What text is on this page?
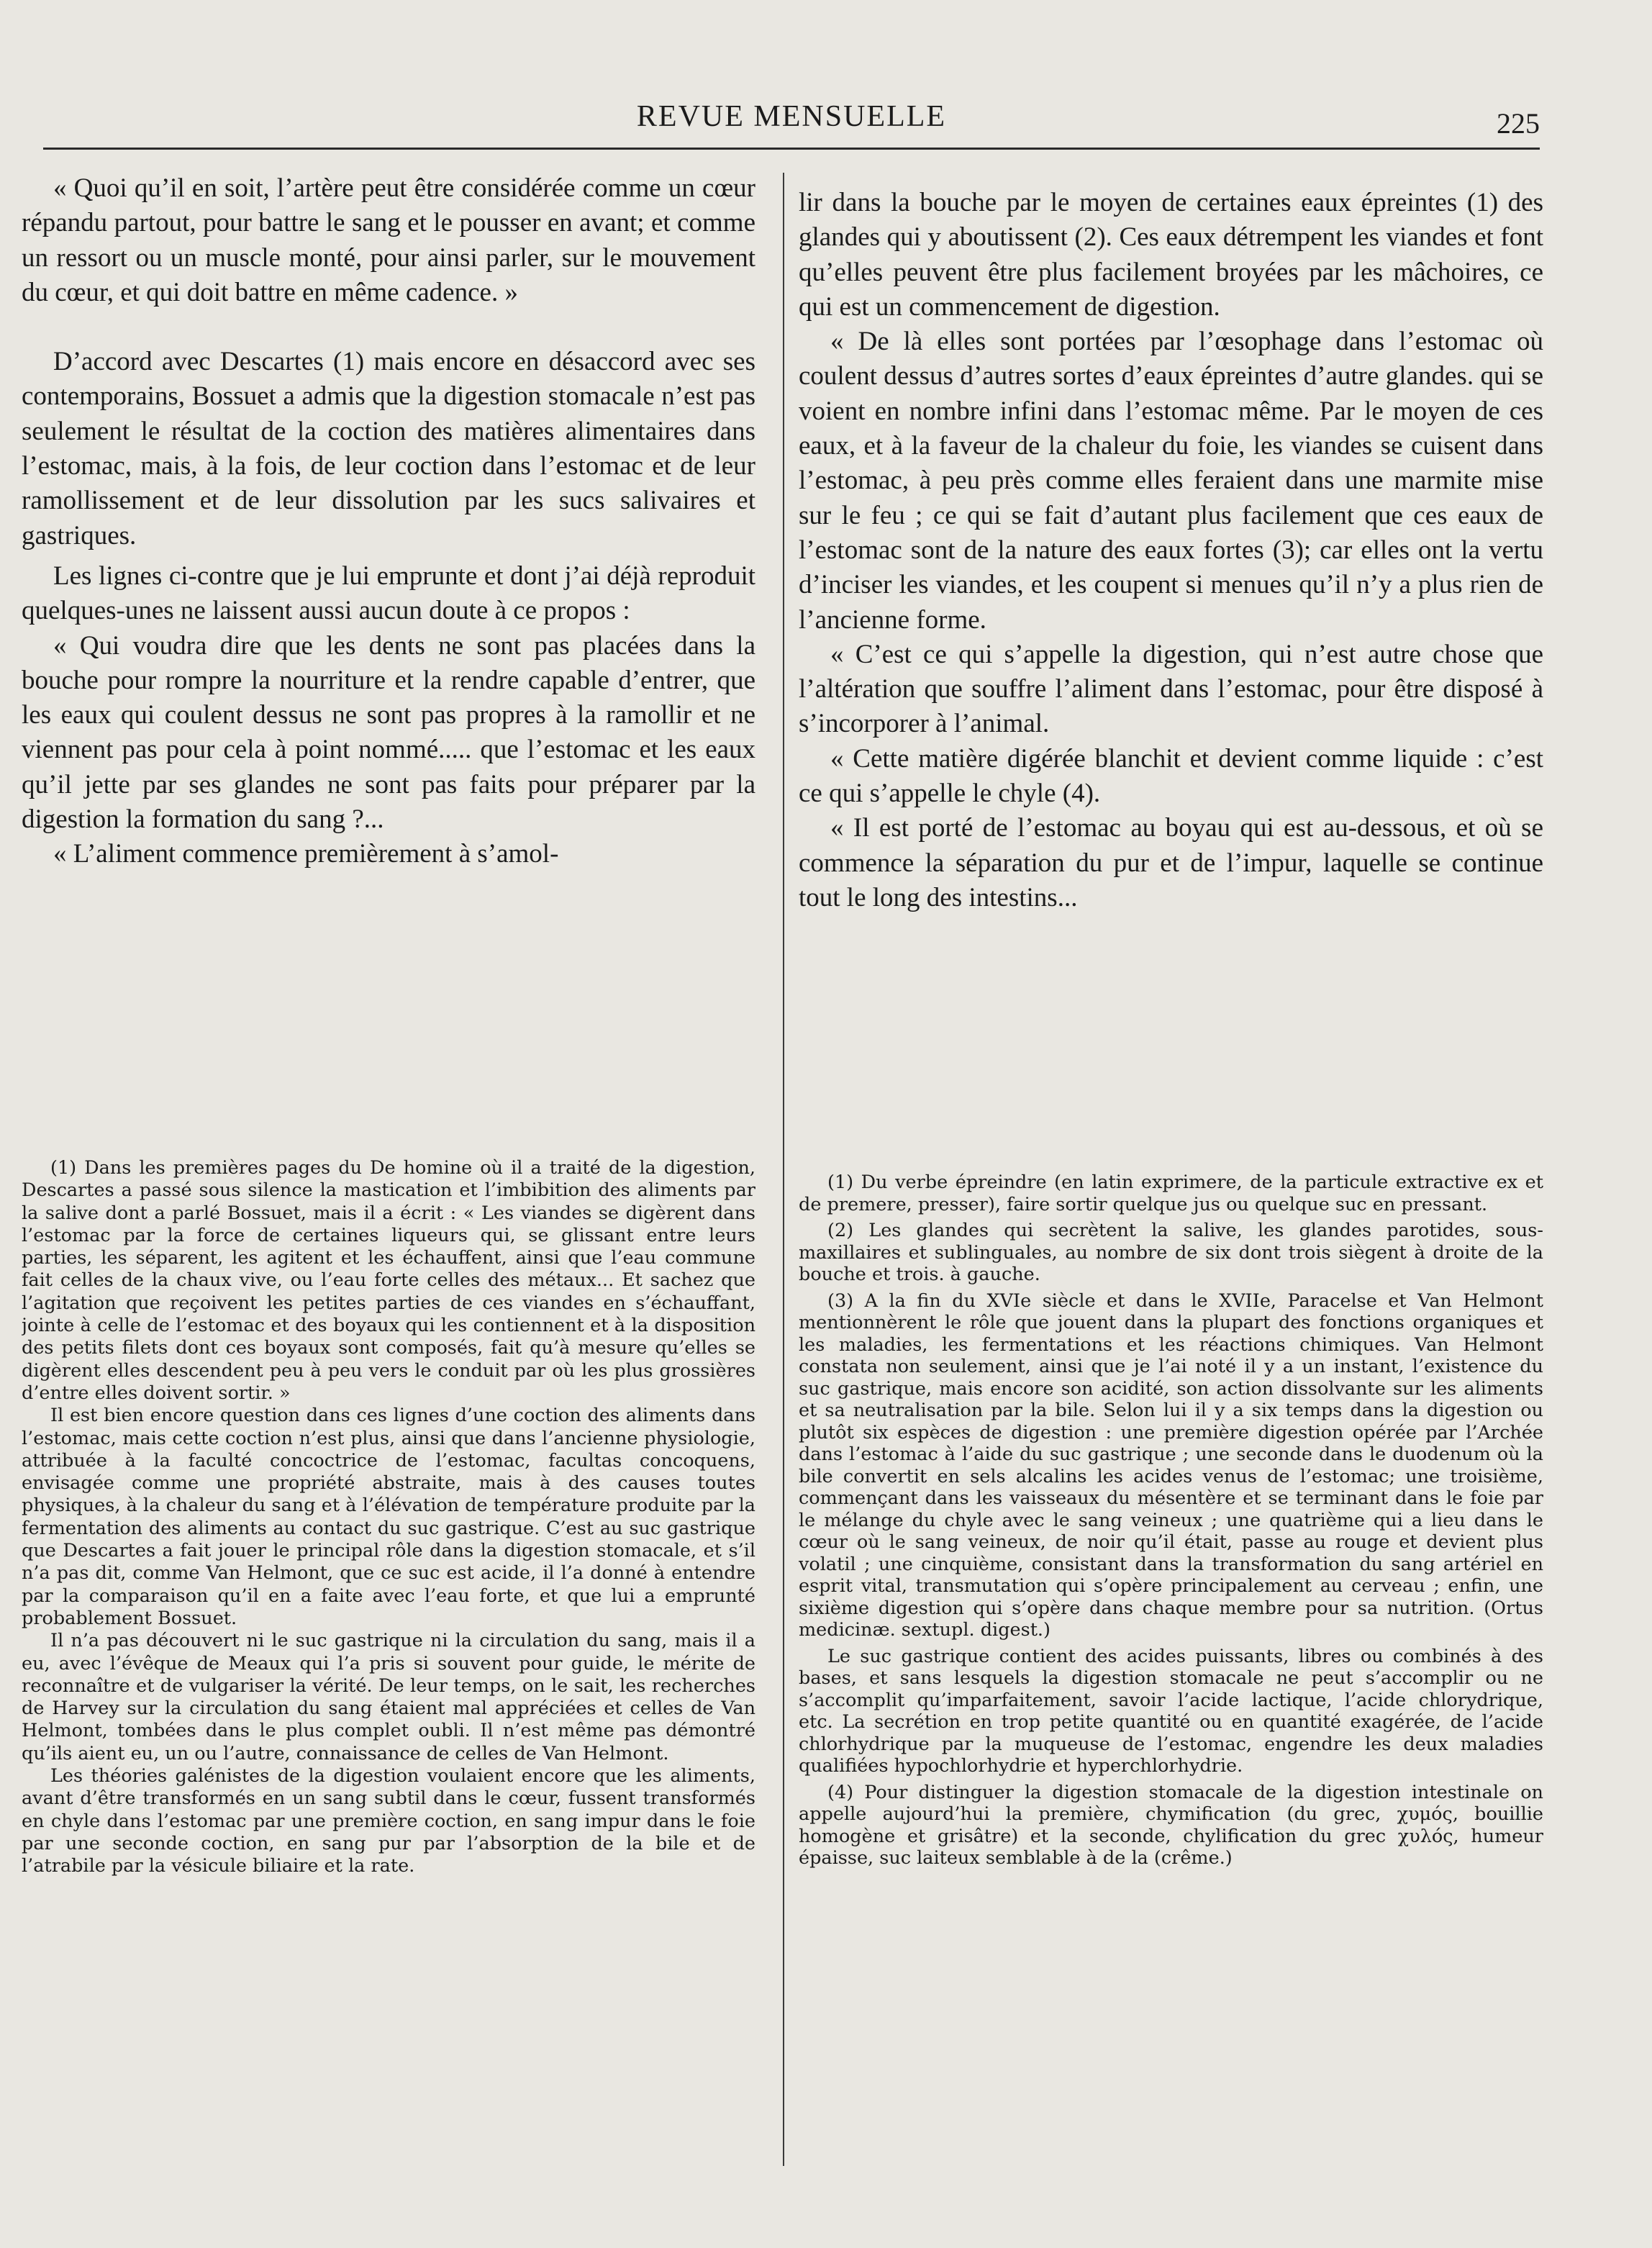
REVUE MENSUELLE	225

« Quoi qu’il en soit, l’artère peut être considérée comme un cœur répandu partout, pour battre le sang et le pousser en avant; et comme un ressort ou un muscle monté, pour ainsi parler, sur le mouvement du cœur, et qui doit battre en même cadence. »

D’accord avec Descartes (1) mais encore en désaccord avec ses contemporains, Bossuet a admis que la digestion stomacale n’est pas seulement le résultat de la coction des matières alimentaires dans l’estomac, mais, à la fois, de leur coction dans l’estomac et de leur ramollissement et de leur dissolution par les sucs salivaires et gastriques.

Les lignes ci-contre que je lui emprunte et dont j’ai déjà reproduit quelques-unes ne laissent aussi aucun doute à ce propos :

« Qui voudra dire que les dents ne sont pas placées dans la bouche pour rompre la nourriture et la rendre capable d’entrer, que les eaux qui coulent dessus ne sont pas propres à la ramollir et ne viennent pas pour cela à point nommé..... que l’estomac et les eaux qu’il jette par ses glandes ne sont pas faits pour préparer par la digestion la formation du sang ?...

« L’aliment commence premièrement à s’amol-

lir dans la bouche par le moyen de certaines eaux épreintes (1) des glandes qui y aboutissent (2). Ces eaux détrempent les viandes et font qu’elles peuvent être plus facilement broyées par les mâchoires, ce qui est un commencement de digestion.

« De là elles sont portées par l’œsophage dans l’estomac où coulent dessus d’autres sortes d’eaux épreintes d’autre glandes. qui se voient en nombre infini dans l’estomac même. Par le moyen de ces eaux, et à la faveur de la chaleur du foie, les viandes se cuisent dans l’estomac, à peu près comme elles feraient dans une marmite mise sur le feu ; ce qui se fait d’autant plus facilement que ces eaux de l’estomac sont de la nature des eaux fortes (3); car elles ont la vertu d’inciser les viandes, et les coupent si menues qu’il n’y a plus rien de l’ancienne forme.

« C’est ce qui s’appelle la digestion, qui n’est autre chose que l’altération que souffre l’aliment dans l’estomac, pour être disposé à s’incorporer à l’animal.

« Cette matière digérée blanchit et devient comme liquide : c’est ce qui s’appelle le chyle (4).

« Il est porté de l’estomac au boyau qui est au-dessous, et où se commence la séparation du pur et de l’impur, laquelle se continue tout le long des intestins...

(1) Dans les premières pages du De homine où il a traité de la digestion, Descartes a passé sous silence la mastication et l’imbibition des aliments par la salive dont a parlé Bossuet, mais il a écrit : « Les viandes se digèrent dans l’estomac par la force de certaines liqueurs qui, se glissant entre leurs parties, les séparent, les agitent et les échauffent, ainsi que l’eau commune fait celles de la chaux vive, ou l’eau forte celles des métaux... Et sachez que l’agitation que reçoivent les petites parties de ces viandes en s’échauffant, jointe à celle de l’estomac et des boyaux qui les contiennent et à la disposition des petits filets dont ces boyaux sont composés, fait qu’à mesure qu’elles se digèrent elles descendent peu à peu vers le conduit par où les plus grossières d’entre elles doivent sortir. »

Il est bien encore question dans ces lignes d’une coction des aliments dans l’estomac, mais cette coction n’est plus, ainsi que dans l’ancienne physiologie, attribuée à la faculté concoctrice de l’estomac, facultas concoquens, envisagée comme une propriété abstraite, mais à des causes toutes physiques, à la chaleur du sang et à l’élévation de température produite par la fermentation des aliments au contact du suc gastrique. C’est au suc gastrique que Descartes a fait jouer le principal rôle dans la digestion stomacale, et s’il n’a pas dit, comme Van Helmont, que ce suc est acide, il l’a donné à entendre par la comparaison qu’il en a faite avec l’eau forte, et que lui a emprunté probablement Bossuet.

Il n’a pas découvert ni le suc gastrique ni la circulation du sang, mais il a eu, avec l’évêque de Meaux qui l’a pris si souvent pour guide, le mérite de reconnaître et de vulgariser la vérité. De leur temps, on le sait, les recherches de Harvey sur la circulation du sang étaient mal appréciées et celles de Van Helmont, tombées dans le plus complet oubli. Il n’est même pas démontré qu’ils aient eu, un ou l’autre, connaissance de celles de Van Helmont.

Les théories galénistes de la digestion voulaient encore que les aliments, avant d’être transformés en un sang subtil dans le cœur, fussent transformés en chyle dans l’estomac par une première coction, en sang impur dans le foie par une seconde coction, en sang pur par l’absorption de la bile et de l’atrabile par la vésicule biliaire et la rate.

(1) Du verbe épreindre (en latin exprimere, de la particule extractive ex et de premere, presser), faire sortir quelque jus ou quelque suc en pressant.

(2) Les glandes qui secrètent la salive, les glandes parotides, sous-maxillaires et sublinguales, au nombre de six dont trois siègent à droite de la bouche et trois. à gauche.

(3) A la fin du XVIe siècle et dans le XVIIe, Paracelse et Van Helmont mentionnèrent le rôle que jouent dans la plupart des fonctions organiques et les maladies, les fermentations et les réactions chimiques. Van Helmont constata non seulement, ainsi que je l’ai noté il y a un instant, l’existence du suc gastrique, mais encore son acidité, son action dissolvante sur les aliments et sa neutralisation par la bile. Selon lui il y a six temps dans la digestion ou plutôt six espèces de digestion : une première digestion opérée par l’Archée dans l’estomac à l’aide du suc gastrique ; une seconde dans le duodenum où la bile convertit en sels alcalins les acides venus de l’estomac; une troisième, commençant dans les vaisseaux du mésentère et se terminant dans le foie par le mélange du chyle avec le sang veineux ; une quatrième qui a lieu dans le cœur où le sang veineux, de noir qu’il était, passe au rouge et devient plus volatil ; une cinquième, consistant dans la transformation du sang artériel en esprit vital, transmutation qui s’opère principalement au cerveau ; enfin, une sixième digestion qui s’opère dans chaque membre pour sa nutrition. (Ortus medicinæ. sextupl. digest.)

Le suc gastrique contient des acides puissants, libres ou combinés à des bases, et sans lesquels la digestion stomacale ne peut s’accomplir ou ne s’accomplit qu’imparfaitement, savoir l’acide lactique, l’acide chlorydrique, etc. La secrétion en trop petite quantité ou en quantité exagérée, de l’acide chlorhydrique par la muqueuse de l’estomac, engendre les deux maladies qualifiées hypochlorhydrie et hyperchlorhydrie.

(4) Pour distinguer la digestion stomacale de la digestion intestinale on appelle aujourd’hui la première, chymification (du grec, χυμός, bouillie homogène et grisâtre) et la seconde, chylification du grec χυλός, humeur épaisse, suc laiteux semblable à de la (crême.)
